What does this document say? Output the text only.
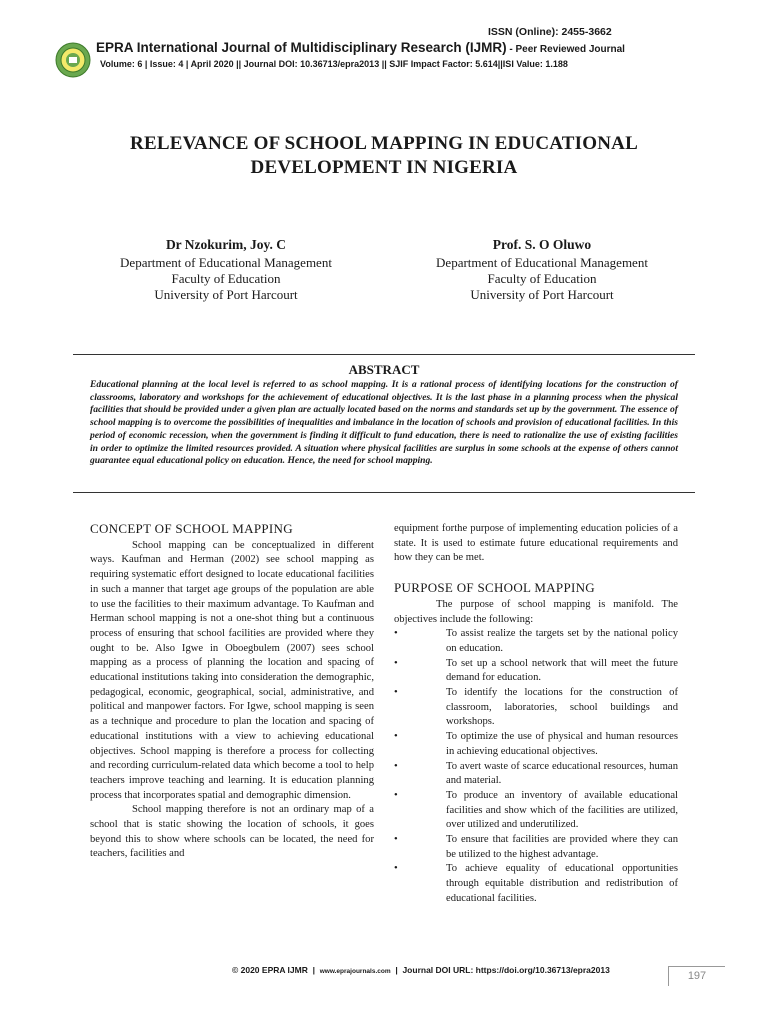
ISSN (Online): 2455-3662
EPRA International Journal of Multidisciplinary Research (IJMR) - Peer Reviewed Journal
Volume: 6 | Issue: 4 | April 2020 || Journal DOI: 10.36713/epra2013 || SJIF Impact Factor: 5.614||ISI Value: 1.188
RELEVANCE OF SCHOOL MAPPING IN EDUCATIONAL DEVELOPMENT IN NIGERIA
Dr Nzokurim, Joy. C
Department of Educational Management
Faculty of Education
University of Port Harcourt
Prof. S. O Oluwo
Department of Educational Management
Faculty of Education
University of Port Harcourt
ABSTRACT
Educational planning at the local level is referred to as school mapping. It is a rational process of identifying locations for the construction of classrooms, laboratory and workshops for the achievement of educational objectives. It is the last phase in a planning process when the physical facilities that should be provided under a given plan are actually located based on the norms and standards set up by the government. The essence of school mapping is to overcome the possibilities of inequalities and imbalance in the location of schools and provision of educational facilities. In this period of economic recession, when the government is finding it difficult to fund education, there is need to rationalize the use of existing facilities in order to optimize the limited resources provided. A situation where physical facilities are surplus in some schools at the expense of others cannot guarantee equal educational policy on education. Hence, the need for school mapping.
CONCEPT OF SCHOOL MAPPING

School mapping can be conceptualized in different ways. Kaufman and Herman (2002) see school mapping as requiring systematic effort designed to locate educational facilities in such a manner that target age groups of the population are able to use the facilities to their maximum advantage. To Kaufman and Herman school mapping is not a one-shot thing but a continuous process of ensuring that school facilities are provided where they ought to be. Also Igwe in Oboegbulem (2007) sees school mapping as a process of planning the location and spacing of educational institutions taking into consideration the demographic, pedagogical, economic, geographical, social, administrative, and political and manpower factors. For Igwe, school mapping is seen as a technique and procedure to plan the location and spacing of educational institutions with a view to achieving educational objectives. School mapping is therefore a process for collecting and recording curriculum-related data which become a tool to help teachers improve teaching and learning. It is education planning process that incorporates spatial and demographic dimension.

School mapping therefore is not an ordinary map of a school that is static showing the location of schools, it goes beyond this to show where schools can be located, the need for teachers, facilities and

equipment forthe purpose of implementing education policies of a state. It is used to estimate future educational requirements and how they can be met.

PURPOSE OF SCHOOL MAPPING

The purpose of school mapping is manifold. The objectives include the following:

•	To assist realize the targets set by the national policy on education.
•	To set up a school network that will meet the future demand for education.
•	To identify the locations for the construction of classroom, laboratories, school buildings and workshops.
•	To optimize the use of physical and human resources in achieving educational objectives.
•	To avert waste of scarce educational resources, human and material.
•	To produce an inventory of available educational facilities and show which of the facilities are utilized, over utilized and underutilized.
•	To ensure that facilities are provided where they can be utilized to the highest advantage.
•	To achieve equality of educational opportunities through equitable distribution and redistribution of educational facilities.
© 2020 EPRA IJMR  |  www.eprajournals.com  |  Journal DOI URL: https://doi.org/10.36713/epra2013	197
